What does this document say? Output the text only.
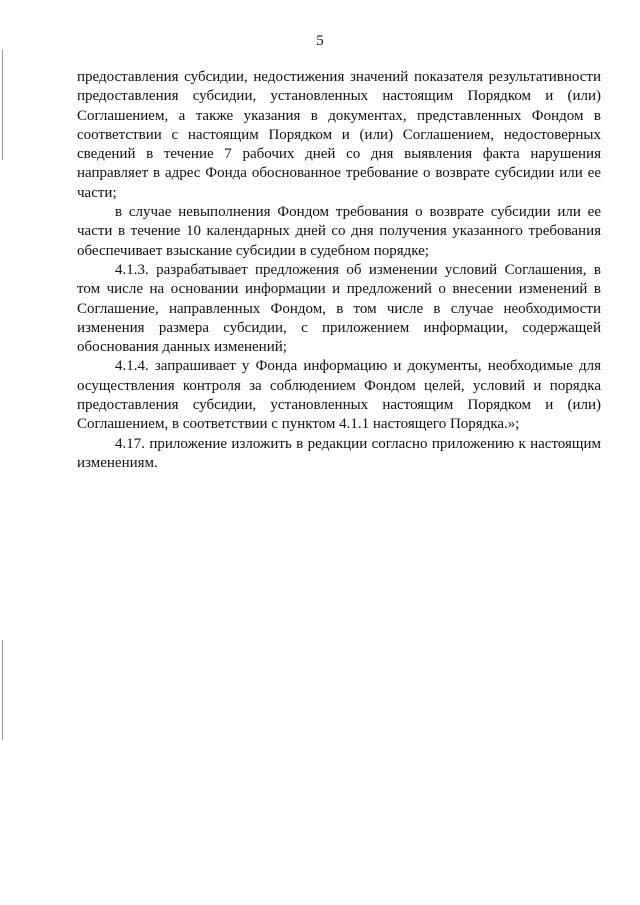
5

предоставления субсидии, недостижения значений показателя результативности предоставления субсидии, установленных настоящим Порядком и (или) Соглашением, а также указания в документах, представленных Фондом в соответствии с настоящим Порядком и (или) Соглашением, недостоверных сведений в течение 7 рабочих дней со дня выявления факта нарушения направляет в адрес Фонда обоснованное требование о возврате субсидии или ее части;

в случае невыполнения Фондом требования о возврате субсидии или ее части в течение 10 календарных дней со дня получения указанного требования обеспечивает взыскание субсидии в судебном порядке;

4.1.3. разрабатывает предложения об изменении условий Соглашения, в том числе на основании информации и предложений о внесении изменений в Соглашение, направленных Фондом, в том числе в случае необходимости изменения размера субсидии, с приложением информации, содержащей обоснования данных изменений;

4.1.4. запрашивает у Фонда информацию и документы, необходимые для осуществления контроля за соблюдением Фондом целей, условий и порядка предоставления субсидии, установленных настоящим Порядком и (или) Соглашением, в соответствии с пунктом 4.1.1 настоящего Порядка.»;

4.17. приложение изложить в редакции согласно приложению к настоящим изменениям.
